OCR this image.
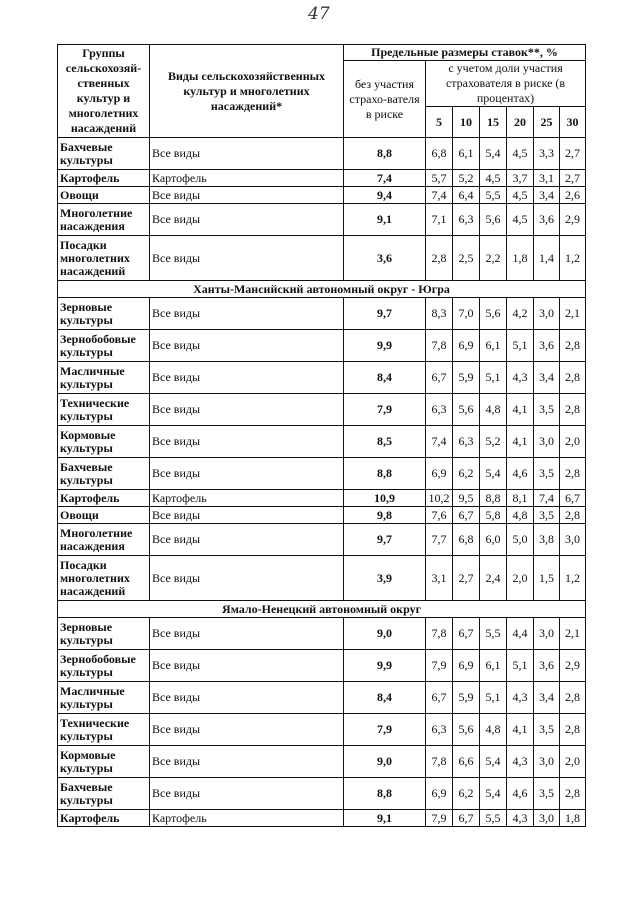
47
Группы сельскохозяй-ственных культур и многолетних насаждений	Виды сельскохозяйственных культур и многолетних насаждений*	Предельные размеры ставок**, %						
		без участия страхо-вателя в риске	с учетом доли участия страхователя в риске (в процентах)					
			5	10	15	20	25	30
Бахчевые культуры	Все виды	8,8	6,8	6,1	5,4	4,5	3,3	2,7
Картофель	Картофель	7,4	5,7	5,2	4,5	3,7	3,1	2,7
Овощи	Все виды	9,4	7,4	6,4	5,5	4,5	3,4	2,6
Многолетние насаждения	Все виды	9,1	7,1	6,3	5,6	4,5	3,6	2,9
Посадки многолетних насаждений	Все виды	3,6	2,8	2,5	2,2	1,8	1,4	1,2
Ханты-Мансийский автономный округ - Югра								
Зерновые культуры	Все виды	9,7	8,3	7,0	5,6	4,2	3,0	2,1
Зернобобовые культуры	Все виды	9,9	7,8	6,9	6,1	5,1	3,6	2,8
Масличные культуры	Все виды	8,4	6,7	5,9	5,1	4,3	3,4	2,8
Технические культуры	Все виды	7,9	6,3	5,6	4,8	4,1	3,5	2,8
Кормовые культуры	Все виды	8,5	7,4	6,3	5,2	4,1	3,0	2,0
Бахчевые культуры	Все виды	8,8	6,9	6,2	5,4	4,6	3,5	2,8
Картофель	Картофель	10,9	10,2	9,5	8,8	8,1	7,4	6,7
Овощи	Все виды	9,8	7,6	6,7	5,8	4,8	3,5	2,8
Многолетние насаждения	Все виды	9,7	7,7	6,8	6,0	5,0	3,8	3,0
Посадки многолетних насаждений	Все виды	3,9	3,1	2,7	2,4	2,0	1,5	1,2
Ямало-Ненецкий автономный округ								
Зерновые культуры	Все виды	9,0	7,8	6,7	5,5	4,4	3,0	2,1
Зернобобовые культуры	Все виды	9,9	7,9	6,9	6,1	5,1	3,6	2,9
Масличные культуры	Все виды	8,4	6,7	5,9	5,1	4,3	3,4	2,8
Технические культуры	Все виды	7,9	6,3	5,6	4,8	4,1	3,5	2,8
Кормовые культуры	Все виды	9,0	7,8	6,6	5,4	4,3	3,0	2,0
Бахчевые культуры	Все виды	8,8	6,9	6,2	5,4	4,6	3,5	2,8
Картофель	Картофель	9,1	7,9	6,7	5,5	4,3	3,0	1,8
